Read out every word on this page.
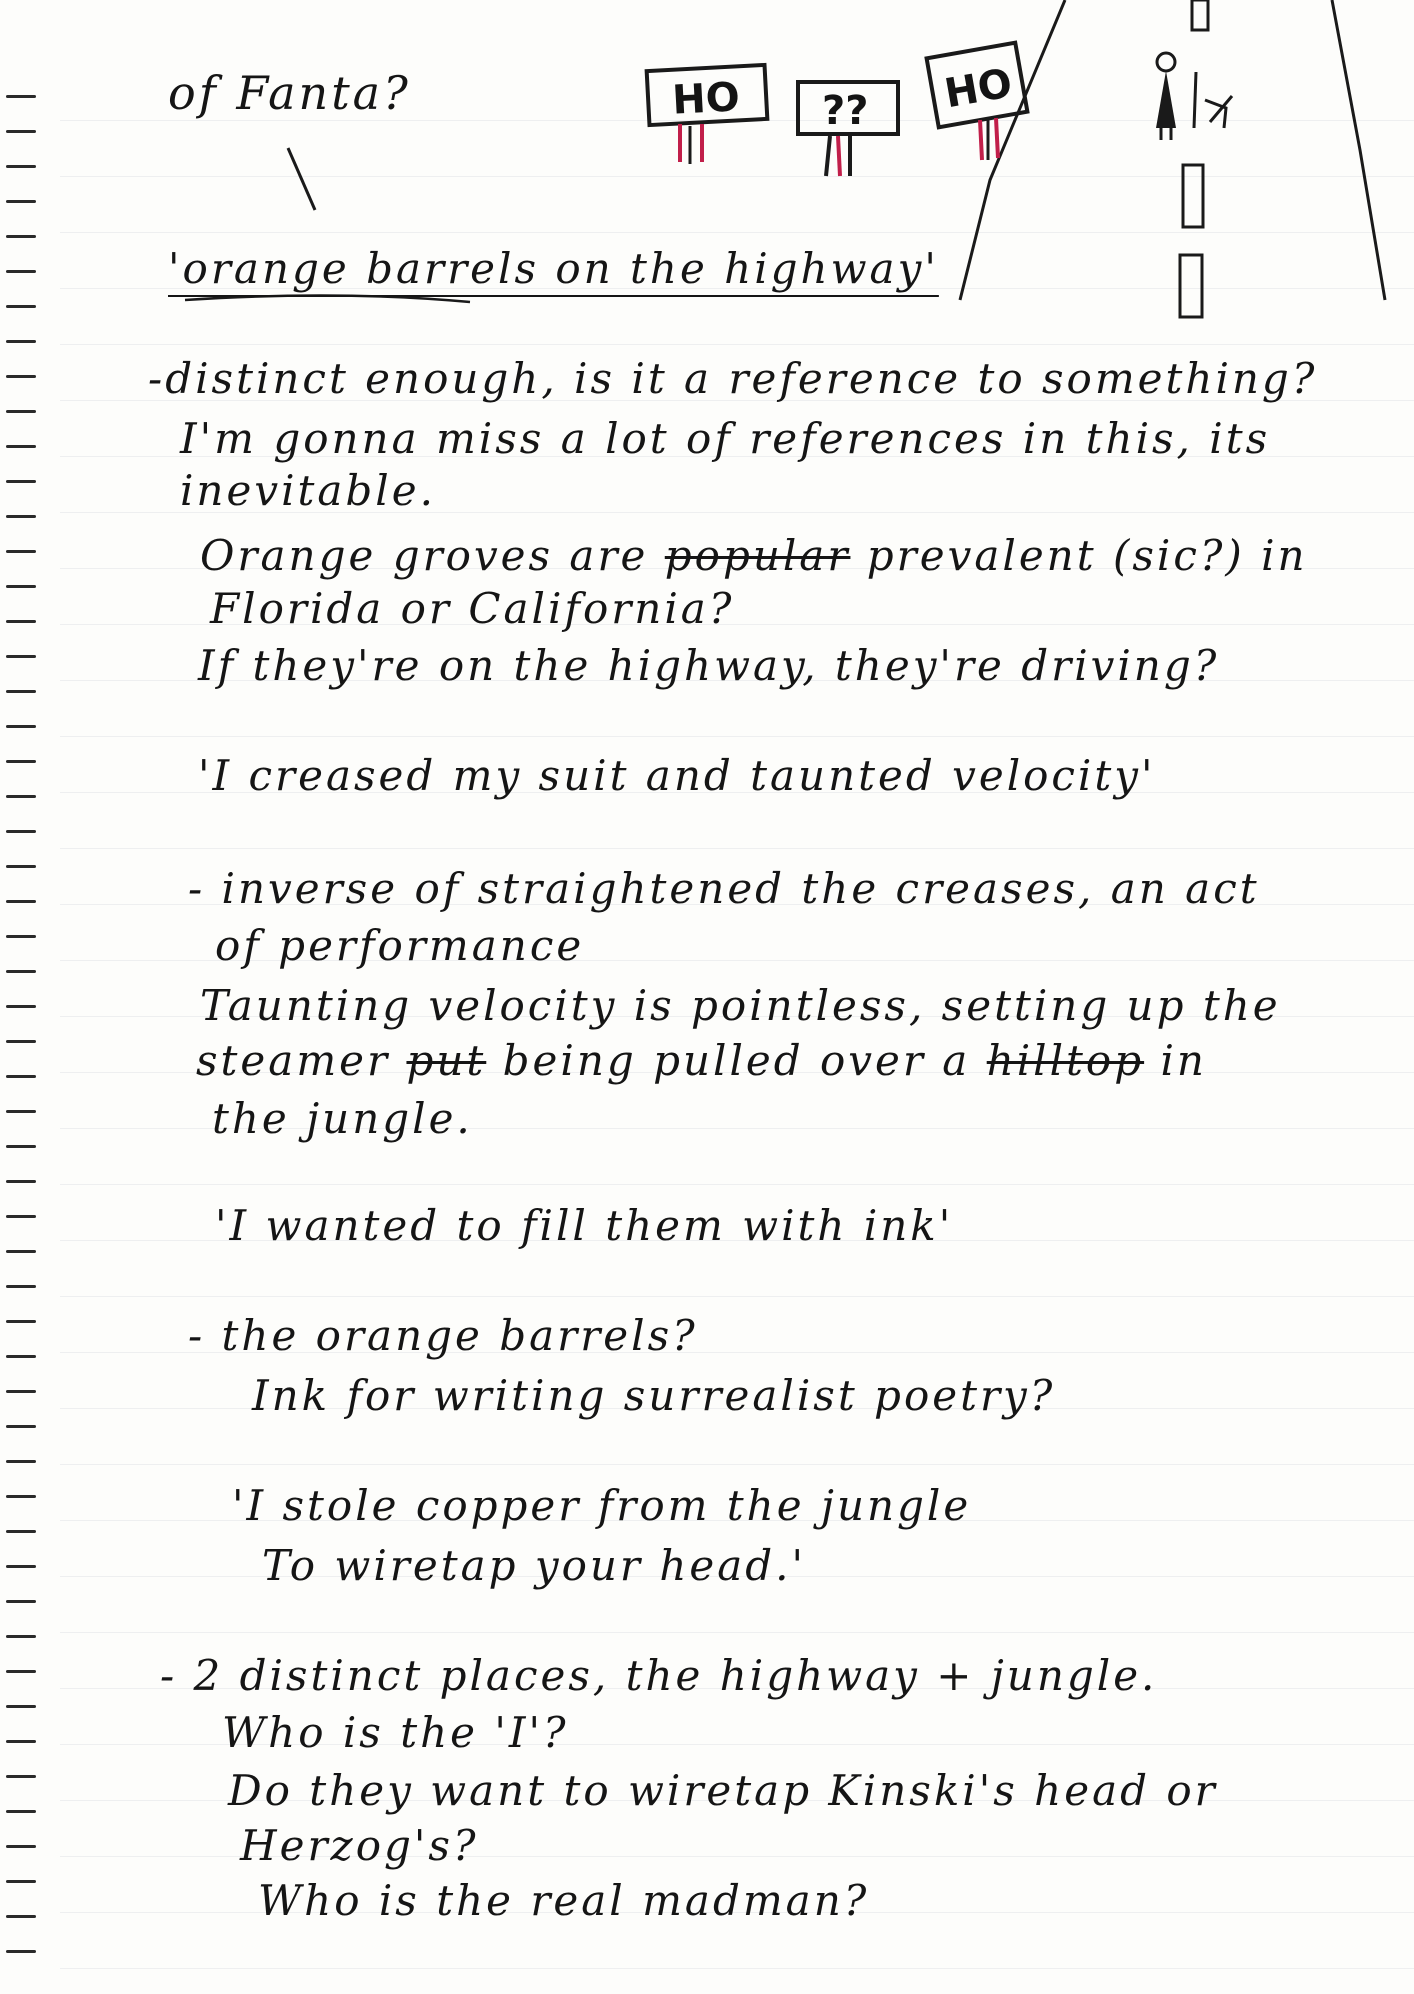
HO ?? HO

of Fanta?

'orange barrels on the highway'

-distinct enough, is it a reference to something?

I'm gonna miss a lot of references in this, its

inevitable.

Orange groves are popular prevalent (sic?) in

Florida or California?

If they're on the highway, they're driving?

'I creased my suit and taunted velocity'

- inverse of straightened the creases, an act

of performance

Taunting velocity is pointless, setting up the

steamer put being pulled over a hilltop in

the jungle.

'I wanted to fill them with ink'

- the orange barrels?

Ink for writing surrealist poetry?

'I stole copper from the jungle

To wiretap your head.'

- 2 distinct places, the highway + jungle.

Who is the 'I'?

Do they want to wiretap Kinski's head or

Herzog's?

Who is the real madman?
